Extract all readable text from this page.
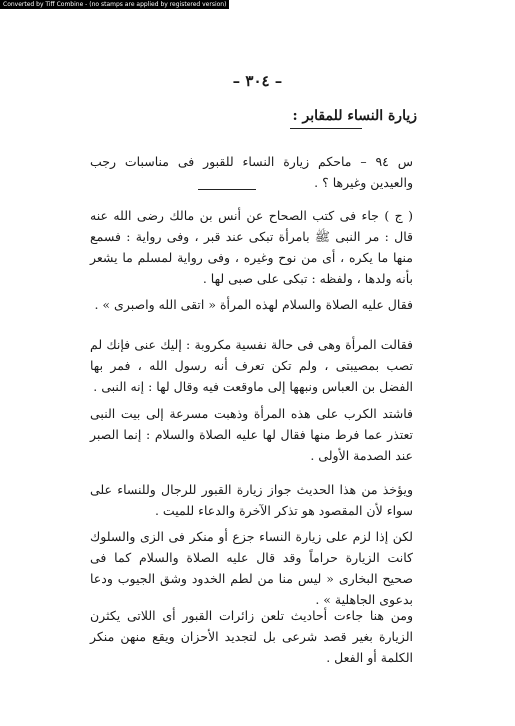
Converted by Tiff Combine - (no stamps are applied by registered version)
– ٣٠٤ –
زيارة النساء للمقابر :
س ٩٤ – ماحكم زيارة النساء للقبور فى مناسبات رجب والعيدين وغيرها ؟ .
( ج ) جاء فى كتب الصحاح عن أنس بن مالك رضى الله عنه قال : مر النبى ﷺ بامرأة تبكى عند قبر ، وفى رواية : فسمع منها ما يكره ، أى من نوح وغيره ، وفى رواية لمسلم ما يشعر بأنه ولدها ، ولفظه : تبكى على صبى لها .
فقال عليه الصلاة والسلام لهذه المرأة « اتقى الله واصبرى » .
فقالت المرأة وهى فى حالة نفسية مكروبة : إليك عنى فإنك لم تصب بمصيبتى ، ولم تكن تعرف أنه رسول الله ، فمر بها الفضل بن العباس ونبهها إلى ماوقعت فيه وقال لها : إنه النبى .
فاشتد الكرب على هذه المرأة وذهبت مسرعة إلى بيت النبى تعتذر عما فرط منها فقال لها عليه الصلاة والسلام : إنما الصبر عند الصدمة الأولى .
ويؤخذ من هذا الحديث جواز زيارة القبور للرجال وللنساء على سواء لأن المقصود هو تذكر الآخرة والدعاء للميت .
لكن إذا لزم على زيارة النساء جزع أو منكر فى الزى والسلوك كانت الزيارة حراماً وقد قال عليه الصلاة والسلام كما فى صحيح البخارى « ليس منا من لطم الخدود وشق الجيوب ودعا بدعوى الجاهلية » .
ومن هنا جاءت أحاديث تلعن زائرات القبور أى اللاتى يكثرن الزيارة بغير قصد شرعى بل لتجديد الأحزان ويقع منهن منكر الكلمة أو الفعل .
